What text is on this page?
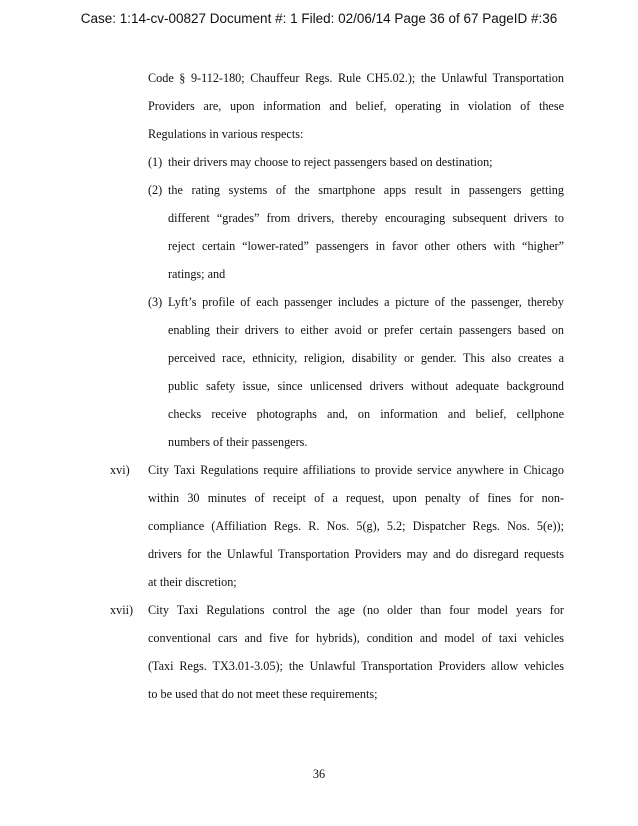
Case: 1:14-cv-00827 Document #: 1 Filed: 02/06/14 Page 36 of 67 PageID #:36
Code § 9-112-180; Chauffeur Regs. Rule CH5.02.); the Unlawful Transportation
Providers are, upon information and belief, operating in violation of these
Regulations in various respects:
(1) their drivers may choose to reject passengers based on destination;
(2) the rating systems of the smartphone apps result in passengers getting
different “grades” from drivers, thereby encouraging subsequent drivers to
reject certain “lower-rated” passengers in favor other others with “higher”
ratings; and
(3) Lyft’s profile of each passenger includes a picture of the passenger, thereby
enabling their drivers to either avoid or prefer certain passengers based on
perceived race, ethnicity, religion, disability or gender. This also creates a
public safety issue, since unlicensed drivers without adequate background
checks receive photographs and, on information and belief, cellphone
numbers of their passengers.
xvi) City Taxi Regulations require affiliations to provide service anywhere in Chicago
within 30 minutes of receipt of a request, upon penalty of fines for non-
compliance (Affiliation Regs. R. Nos. 5(g), 5.2; Dispatcher Regs. Nos. 5(e));
drivers for the Unlawful Transportation Providers may and do disregard requests
at their discretion;
xvii) City Taxi Regulations control the age (no older than four model years for
conventional cars and five for hybrids), condition and model of taxi vehicles
(Taxi Regs. TX3.01-3.05); the Unlawful Transportation Providers allow vehicles
to be used that do not meet these requirements;
36
